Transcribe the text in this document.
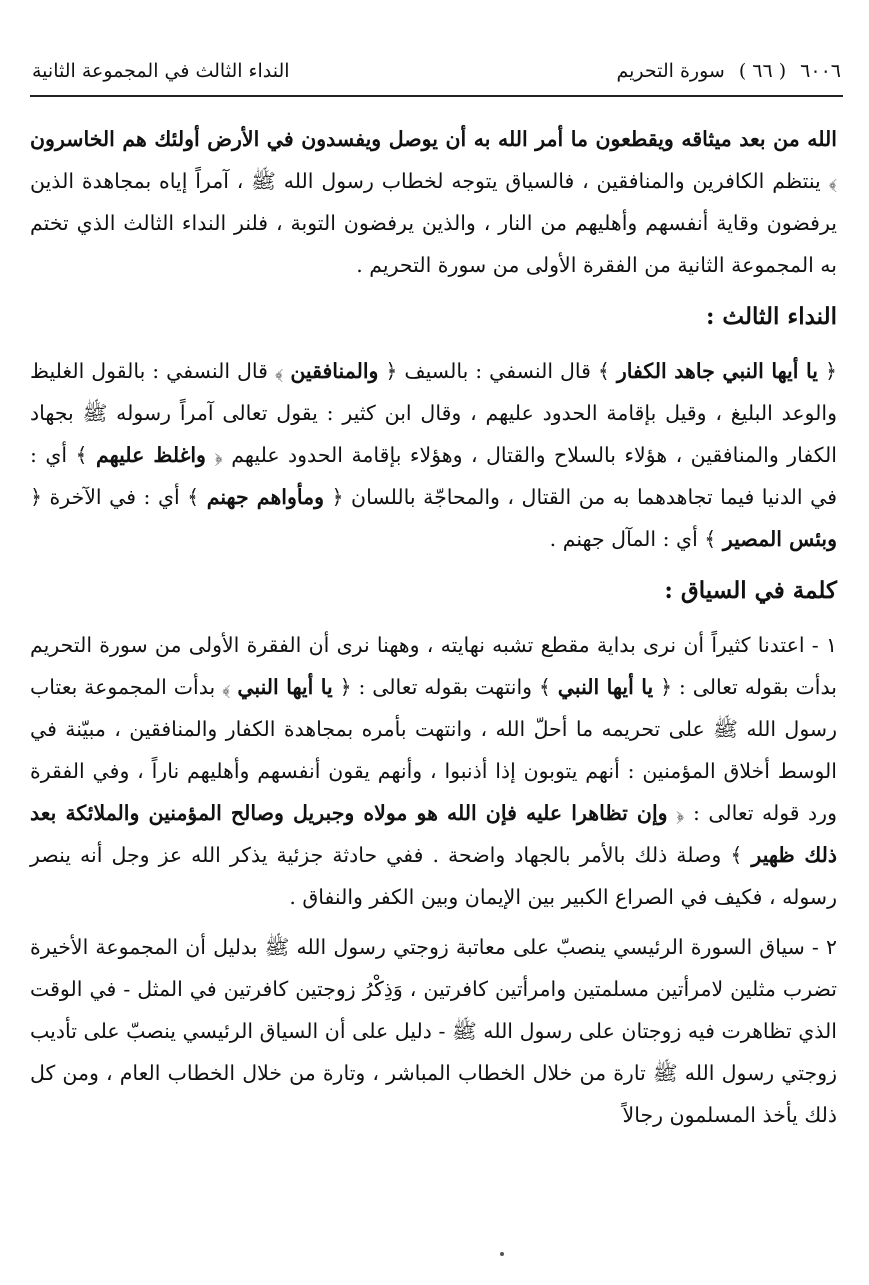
٦٠٠٦
( ٦٦ )
سورة التحريم
النداء الثالث في المجموعة الثانية

الله من بعد ميثاقه ويقطعون ما أمر الله به أن يوصل ويفسدون في الأرض أولئك هم الخاسرون ﴾ ينتظم الكافرين والمنافقين ، فالسياق يتوجه لخطاب رسول الله ﷺ ، آمراً إياه بمجاهدة الذين يرفضون وقاية أنفسهم وأهليهم من النار ، والذين يرفضون التوبة ، فلنر النداء الثالث الذي تختم به المجموعة الثانية من الفقرة الأولى من سورة التحريم .

النداء الثالث :

﴿ يا أيها النبي جاهد الكفار ﴾ قال النسفي : بالسيف ﴿ والمنافقين ﴾ قال النسفي : بالقول الغليظ والوعد البليغ ، وقيل بإقامة الحدود عليهم ، وقال ابن كثير : يقول تعالى آمراً رسوله ﷺ بجهاد الكفار والمنافقين ، هؤلاء بالسلاح والقتال ، وهؤلاء بإقامة الحدود عليهم ﴿ واغلظ عليهم ﴾ أي : في الدنيا فيما تجاهدهما به من القتال ، والمحاجّة باللسان ﴿ ومأواهم جهنم ﴾ أي : في الآخرة ﴿ وبئس المصير ﴾ أي : المآل جهنم .

كلمة في السياق :

١ - اعتدنا كثيراً أن نرى بداية مقطع تشبه نهايته ، وههنا نرى أن الفقرة الأولى من سورة التحريم بدأت بقوله تعالى : ﴿ يا أيها النبي ﴾ وانتهت بقوله تعالى : ﴿ يا أيها النبي ﴾ بدأت المجموعة بعتاب رسول الله ﷺ على تحريمه ما أحلّ الله ، وانتهت بأمره بمجاهدة الكفار والمنافقين ، مبيّنة في الوسط أخلاق المؤمنين : أنهم يتوبون إذا أذنبوا ، وأنهم يقون أنفسهم وأهليهم ناراً ، وفي الفقرة ورد قوله تعالى : ﴿ وإن تظاهرا عليه فإن الله هو مولاه وجبريل وصالح المؤمنين والملائكة بعد ذلك ظهير ﴾ وصلة ذلك بالأمر بالجهاد واضحة . ففي حادثة جزئية يذكر الله عز وجل أنه ينصر رسوله ، فكيف في الصراع الكبير بين الإيمان وبين الكفر والنفاق .

٢ - سياق السورة الرئيسي ينصبّ على معاتبة زوجتي رسول الله ﷺ بدليل أن المجموعة الأخيرة تضرب مثلين لامرأتين مسلمتين وامرأتين كافرتين ، وَذِكْرُ زوجتين كافرتين في المثل - في الوقت الذي تظاهرت فيه زوجتان على رسول الله ﷺ - دليل على أن السياق الرئيسي ينصبّ على تأديب زوجتي رسول الله ﷺ تارة من خلال الخطاب المباشر ، وتارة من خلال الخطاب العام ، ومن كل ذلك يأخذ المسلمون رجالاً
